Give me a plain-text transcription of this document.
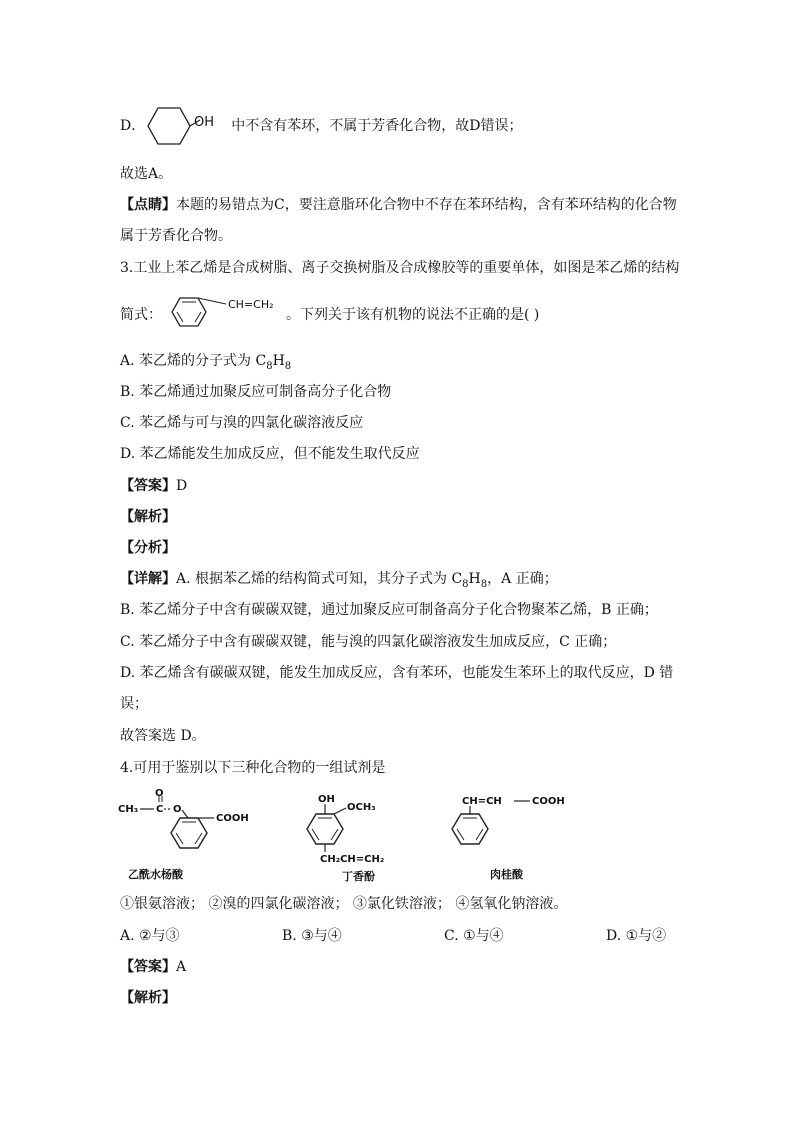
D．	中不含有苯环，不属于芳香化合物，故D错误；
OH
故选A。
【点睛】本题的易错点为C，要注意脂环化合物中不存在苯环结构，含有苯环结构的化合物
属于芳香化合物。
3.工业上苯乙烯是合成树脂、离子交换树脂及合成橡胶等的重要单体，如图是苯乙烯的结构
简式：	。下列关于该有机物的说法不正确的是( )
CH=CH₂
A. 苯乙烯的分子式为 $C_8H_8$
B. 苯乙烯通过加聚反应可制备高分子化合物
C. 苯乙烯与可与溴的四氯化碳溶液反应
D. 苯乙烯能发生加成反应，但不能发生取代反应
【答案】D
【解析】
【分析】
【详解】A. 根据苯乙烯的结构简式可知，其分子式为 $C_8H_8$，A 正确；
B. 苯乙烯分子中含有碳碳双键，通过加聚反应可制备高分子化合物聚苯乙烯，B 正确；
C. 苯乙烯分子中含有碳碳双键，能与溴的四氯化碳溶液发生加成反应，C 正确；
D. 苯乙烯含有碳碳双键，能发生加成反应，含有苯环，也能发生苯环上的取代反应，D 错
误；
故答案选 D。
4.可用于鉴别以下三种化合物的一组试剂是
CH₃ C
O
O
COOH
乙酰水杨酸
OH
OCH₃
CH₂CH=CH₂
丁香酚
CH=CH	COOH
肉桂酸
①银氨溶液； ②溴的四氯化碳溶液； ③氯化铁溶液； ④氢氧化钠溶液。
A. ②与③	B. ③与④	C. ①与④	D. ①与②
【答案】A
【解析】
